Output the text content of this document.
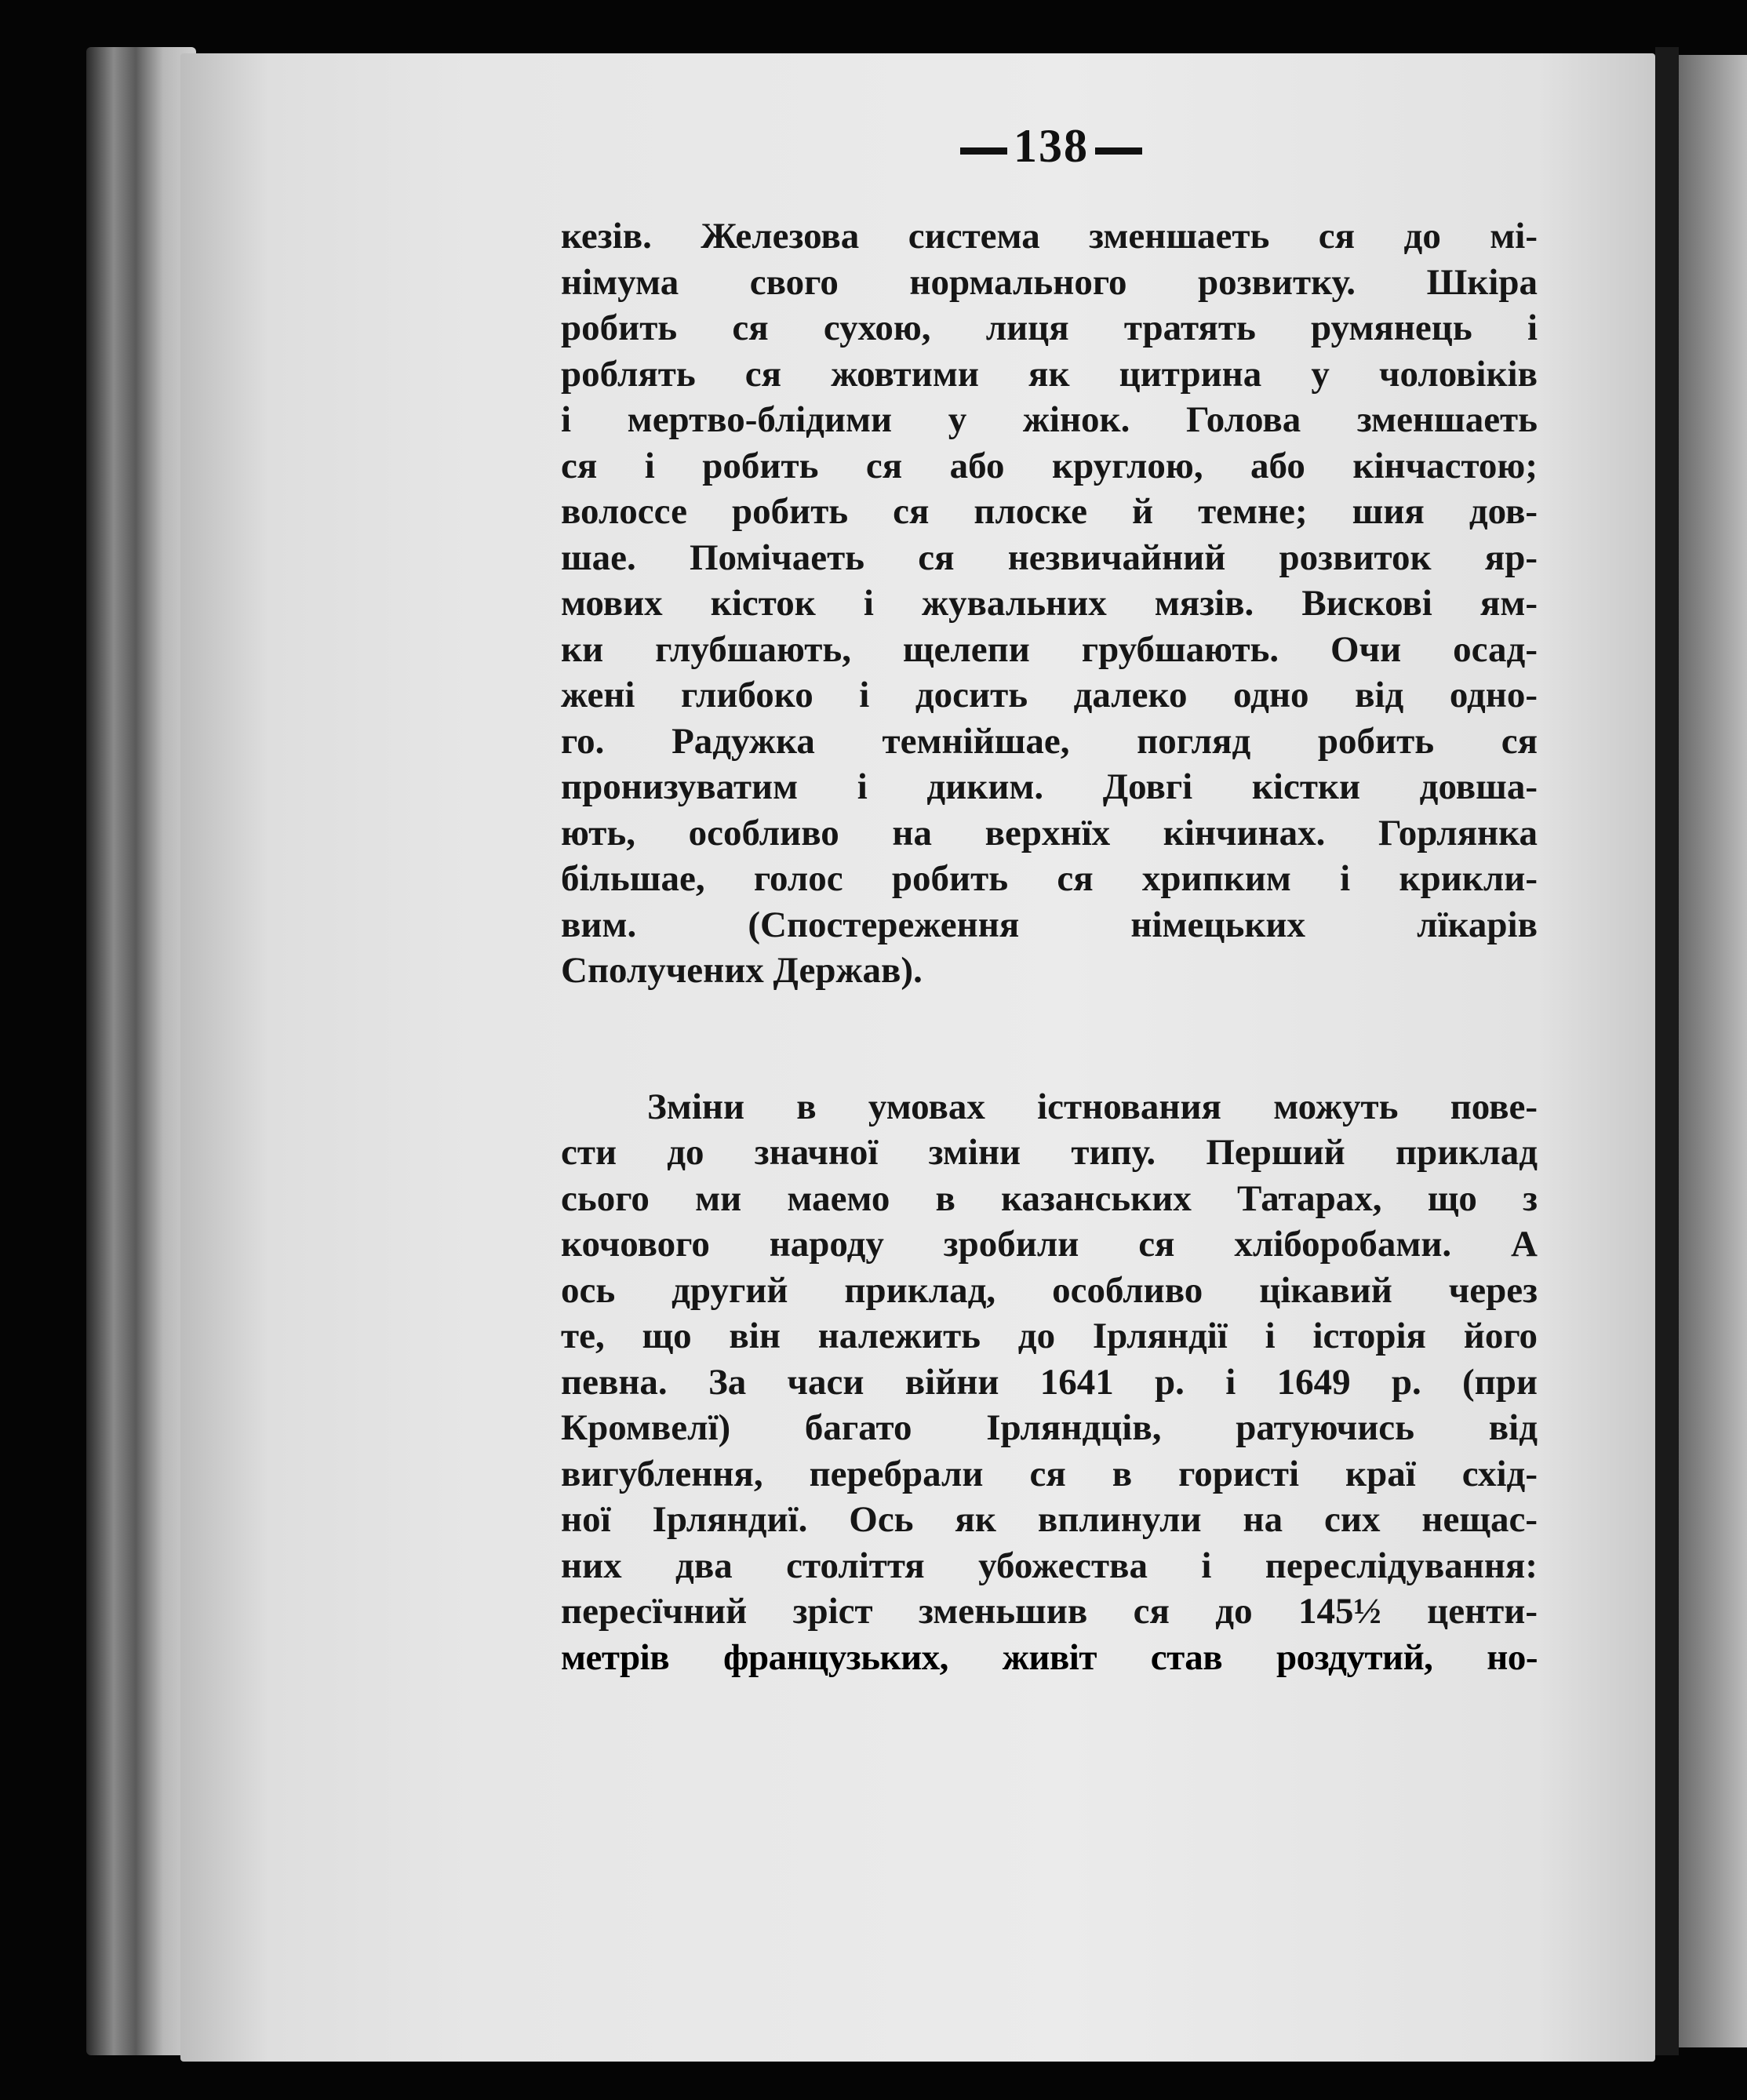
138
кезів. Железова система зменшаеть ся до мі-
німума свого нормального розвитку. Шкіра
робить ся сухою, лиця тратять румянець і
роблять ся жовтими як цитрина у чоловіків
і мертво-блідими у жінок. Голова зменшаеть
ся і робить ся або круглою, або кінчастою;
волоссе робить ся плоске й темне; шия дов-
шае. Помічаеть ся незвичайний розвиток яр-
мових кісток і жувальних мязів. Вискові ям-
ки глубшають, щелепи грубшають. Очи осад-
жені глибоко і досить далеко одно від одно-
го. Радужка темнійшае, погляд робить ся
пронизуватим і диким. Довгі кістки довша-
ють, особливо на верхнїх кінчинах. Горлянка
більшае, голос робить ся хрипким і крикли-
вим. (Спостереження німецьких лїкарів
Сполучених Держав).
Зміни в умовах істнования можуть пове-
сти до значної зміни типу. Перший приклад
сього ми маемо в казанських Татарах, що з
кочового народу зробили ся хліборобами. А
ось другий приклад, особливо цікавий через
те, що він належить до Ірляндії і історія його
певна. За часи війни 1641 р. і 1649 р. (при
Кромвелї) багато Ірляндців, ратуючись від
вигублення, перебрали ся в гористі краї схід-
ної Ірляндиї. Ось як вплинули на сих нещас-
них два століття убожества і переслідування:
пересїчний зріст зменьшив ся до 145½ центи-
метрів французьких, живіт став роздутий, но-
